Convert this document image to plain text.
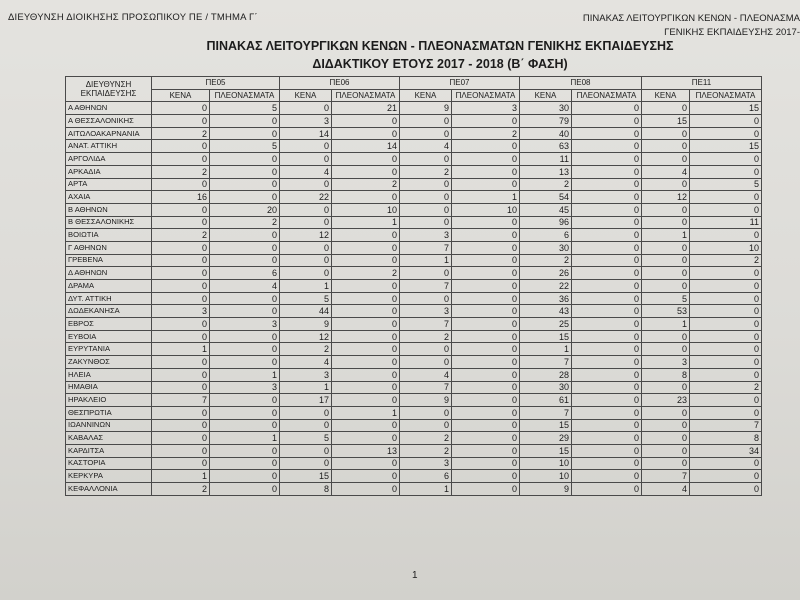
ΔΙΕΥΘΥΝΣΗ ΔΙΟΙΚΗΣΗΣ ΠΡΟΣΩΠΙΚΟΥ ΠΕ / ΤΜΗΜΑ Γ΄	ΠΙΝΑΚΑΣ ΛΕΙΤΟΥΡΓΙΚΩΝ ΚΕΝΩΝ - ΠΛΕΟΝΑΣΜΑ
ΓΕΝΙΚΗΣ ΕΚΠΑΙΔΕΥΣΗΣ 2017-
ΠΙΝΑΚΑΣ ΛΕΙΤΟΥΡΓΙΚΩΝ ΚΕΝΩΝ - ΠΛΕΟΝΑΣΜΑΤΩΝ ΓΕΝΙΚΗΣ ΕΚΠΑΙΔΕΥΣΗΣ
ΔΙΔΑΚΤΙΚΟΥ ΕΤΟΥΣ 2017 - 2018 (Β΄ ΦΑΣΗ)
ΔΙΕΥΘΥΝΣΗ ΕΚΠΑΙΔΕΥΣΗΣ	ΠΕ05		ΠΕ06		ΠΕ07		ΠΕ08		ΠΕ11	
	ΚΕΝΑ	ΠΛΕΟΝΑΣΜΑΤΑ	ΚΕΝΑ	ΠΛΕΟΝΑΣΜΑΤΑ	ΚΕΝΑ	ΠΛΕΟΝΑΣΜΑΤΑ	ΚΕΝΑ	ΠΛΕΟΝΑΣΜΑΤΑ	ΚΕΝΑ	ΠΛΕΟΝΑΣΜΑΤΑ
Α ΑΘΗΝΩΝ	0	5	0	21	9	3	30	0	0	15
Α ΘΕΣΣΑΛΟΝΙΚΗΣ	0	0	3	0	0	0	79	0	15	0
ΑΙΤΩΛΟΑΚΑΡΝΑΝΙΑ	2	0	14	0	0	2	40	0	0	0
ΑΝΑΤ. ΑΤΤΙΚΗ	0	5	0	14	4	0	63	0	0	15
ΑΡΓΟΛΙΔΑ	0	0	0	0	0	0	11	0	0	0
ΑΡΚΑΔΙΑ	2	0	4	0	2	0	13	0	4	0
ΑΡΤΑ	0	0	0	2	0	0	2	0	0	5
ΑΧΑΙΑ	16	0	22	0	0	1	54	0	12	0
Β ΑΘΗΝΩΝ	0	20	0	10	0	10	45	0	0	0
Β ΘΕΣΣΑΛΟΝΙΚΗΣ	0	2	0	1	0	0	96	0	0	11
ΒΟΙΩΤΙΑ	2	0	12	0	3	0	6	0	1	0
Γ ΑΘΗΝΩΝ	0	0	0	0	7	0	30	0	0	10
ΓΡΕΒΕΝΑ	0	0	0	0	1	0	2	0	0	2
Δ ΑΘΗΝΩΝ	0	6	0	2	0	0	26	0	0	0
ΔΡΑΜΑ	0	4	1	0	7	0	22	0	0	0
ΔΥΤ. ΑΤΤΙΚΗ	0	0	5	0	0	0	36	0	5	0
ΔΩΔΕΚΑΝΗΣΑ	3	0	44	0	3	0	43	0	53	0
ΕΒΡΟΣ	0	3	9	0	7	0	25	0	1	0
ΕΥΒΟΙΑ	0	0	12	0	2	0	15	0	0	0
ΕΥΡΥΤΑΝΙΑ	1	0	2	0	0	0	1	0	0	0
ΖΑΚΥΝΘΟΣ	0	0	4	0	0	0	7	0	3	0
ΗΛΕΙΑ	0	1	3	0	4	0	28	0	8	0
ΗΜΑΘΙΑ	0	3	1	0	7	0	30	0	0	2
ΗΡΑΚΛΕΙΟ	7	0	17	0	9	0	61	0	23	0
ΘΕΣΠΡΩΤΙΑ	0	0	0	1	0	0	7	0	0	0
ΙΩΑΝΝΙΝΩΝ	0	0	0	0	0	0	15	0	0	7
ΚΑΒΑΛΑΣ	0	1	5	0	2	0	29	0	0	8
ΚΑΡΔΙΤΣΑ	0	0	0	13	2	0	15	0	0	34
ΚΑΣΤΟΡΙΑ	0	0	0	0	3	0	10	0	0	0
ΚΕΡΚΥΡΑ	1	0	15	0	6	0	10	0	7	0
ΚΕΦΑΛΛΟΝΙΑ	2	0	8	0	1	0	9	0	4	0
1
